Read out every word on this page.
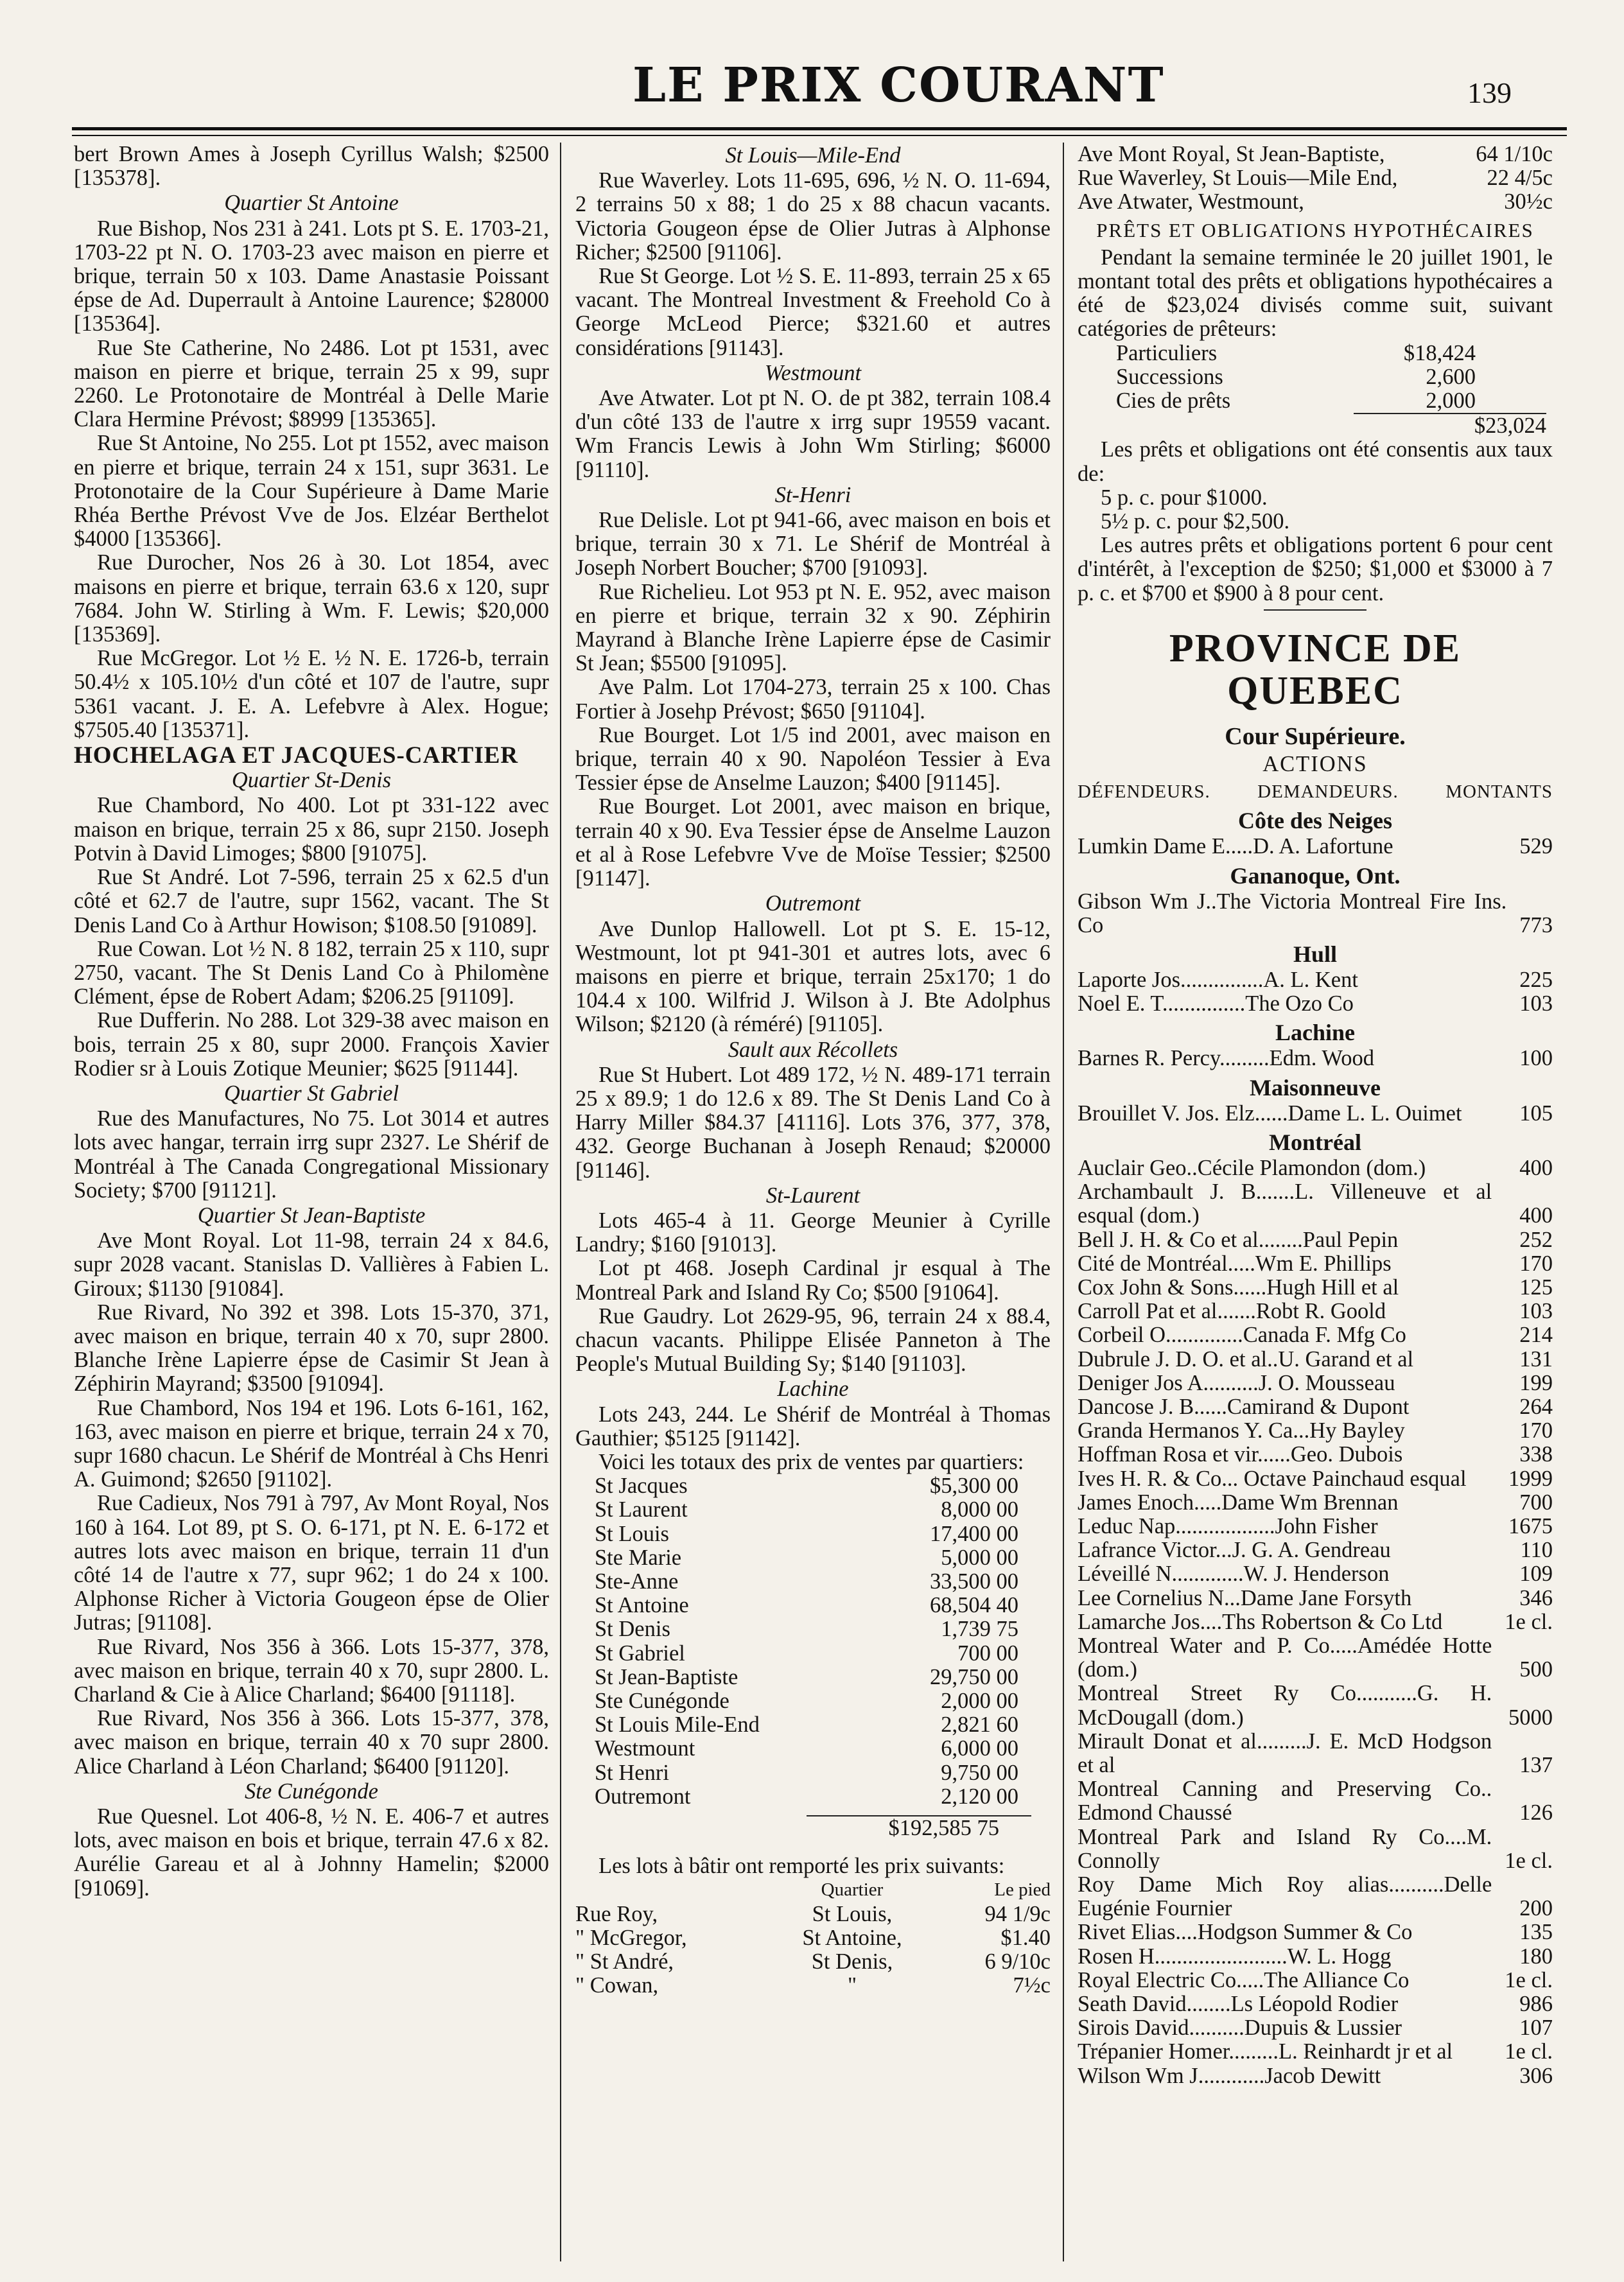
LE PRIX COURANT	139

bert Brown Ames à Joseph Cyrillus Walsh; $2500 [135378].

Quartier St Antoine

Rue Bishop, Nos 231 à 241. Lots pt S. E. 1703-21, 1703-22 pt N. O. 1703-23 avec maison en pierre et brique, terrain 50 x 103. Dame Anastasie Poissant épse de Ad. Duperrault à Antoine Laurence; $28000 [135364].

Rue Ste Catherine, No 2486. Lot pt 1531, avec maison en pierre et brique, terrain 25 x 99, supr 2260. Le Protonotaire de Montréal à Delle Marie Clara Hermine Prévost; $8999 [135365].

Rue St Antoine, No 255. Lot pt 1552, avec maison en pierre et brique, terrain 24 x 151, supr 3631. Le Protonotaire de la Cour Supérieure à Dame Marie Rhéa Berthe Prévost Vve de Jos. Elzéar Berthelot $4000 [135366].

Rue Durocher, Nos 26 à 30. Lot 1854, avec maisons en pierre et brique, terrain 63.6 x 120, supr 7684. John W. Stirling à Wm. F. Lewis; $20,000 [135369].

Rue McGregor. Lot ½ E. ½ N. E. 1726-b, terrain 50.4½ x 105.10½ d'un côté et 107 de l'autre, supr 5361 vacant. J. E. A. Lefebvre à Alex. Hogue; $7505.40 [135371].

HOCHELAGA ET JACQUES-CARTIER

Quartier St-Denis

Rue Chambord, No 400. Lot pt 331-122 avec maison en brique, terrain 25 x 86, supr 2150. Joseph Potvin à David Limoges; $800 [91075].

Rue St André. Lot 7-596, terrain 25 x 62.5 d'un côté et 62.7 de l'autre, supr 1562, vacant. The St Denis Land Co à Arthur Howison; $108.50 [91089].

Rue Cowan. Lot ½ N. 8 182, terrain 25 x 110, supr 2750, vacant. The St Denis Land Co à Philomène Clément, épse de Robert Adam; $206.25 [91109].

Rue Dufferin. No 288. Lot 329-38 avec maison en bois, terrain 25 x 80, supr 2000. François Xavier Rodier sr à Louis Zotique Meunier; $625 [91144].

Quartier St Gabriel

Rue des Manufactures, No 75. Lot 3014 et autres lots avec hangar, terrain irrg supr 2327. Le Shérif de Montréal à The Canada Congregational Missionary Society; $700 [91121].

Quartier St Jean-Baptiste

Ave Mont Royal. Lot 11-98, terrain 24 x 84.6, supr 2028 vacant. Stanislas D. Vallières à Fabien L. Giroux; $1130 [91084].

Rue Rivard, No 392 et 398. Lots 15-370, 371, avec maison en brique, terrain 40 x 70, supr 2800. Blanche Irène Lapierre épse de Casimir St Jean à Zéphirin Mayrand; $3500 [91094].

Rue Chambord, Nos 194 et 196. Lots 6-161, 162, 163, avec maison en pierre et brique, terrain 24 x 70, supr 1680 chacun. Le Shérif de Montréal à Chs Henri A. Guimond; $2650 [91102].

Rue Cadieux, Nos 791 à 797, Av Mont Royal, Nos 160 à 164. Lot 89, pt S. O. 6-171, pt N. E. 6-172 et autres lots avec maison en brique, terrain 11 d'un côté 14 de l'autre x 77, supr 962; 1 do 24 x 100. Alphonse Richer à Victoria Gougeon épse de Olier Jutras; [91108].

Rue Rivard, Nos 356 à 366. Lots 15-377, 378, avec maison en brique, terrain 40 x 70, supr 2800. L. Charland & Cie à Alice Charland; $6400 [91118].

Rue Rivard, Nos 356 à 366. Lots 15-377, 378, avec maison en brique, terrain 40 x 70 supr 2800. Alice Charland à Léon Charland; $6400 [91120].

Ste Cunégonde

Rue Quesnel. Lot 406-8, ½ N. E. 406-7 et autres lots, avec maison en bois et brique, terrain 47.6 x 82. Aurélie Gareau et al à Johnny Hamelin; $2000 [91069].

St Louis—Mile-End

Rue Waverley. Lots 11-695, 696, ½ N. O. 11-694, 2 terrains 50 x 88; 1 do 25 x 88 chacun vacants. Victoria Gougeon épse de Olier Jutras à Alphonse Richer; $2500 [91106].

Rue St George. Lot ½ S. E. 11-893, terrain 25 x 65 vacant. The Montreal Investment & Freehold Co à George McLeod Pierce; $321.60 et autres considérations [91143].

Westmount

Ave Atwater. Lot pt N. O. de pt 382, terrain 108.4 d'un côté 133 de l'autre x irrg supr 19559 vacant. Wm Francis Lewis à John Wm Stirling; $6000 [91110].

St-Henri

Rue Delisle. Lot pt 941-66, avec maison en bois et brique, terrain 30 x 71. Le Shérif de Montréal à Joseph Norbert Boucher; $700 [91093].

Rue Richelieu. Lot 953 pt N. E. 952, avec maison en pierre et brique, terrain 32 x 90. Zéphirin Mayrand à Blanche Irène Lapierre épse de Casimir St Jean; $5500 [91095].

Ave Palm. Lot 1704-273, terrain 25 x 100. Chas Fortier à Josehp Prévost; $650 [91104].

Rue Bourget. Lot 1/5 ind 2001, avec maison en brique, terrain 40 x 90. Napoléon Tessier à Eva Tessier épse de Anselme Lauzon; $400 [91145].

Rue Bourget. Lot 2001, avec maison en brique, terrain 40 x 90. Eva Tessier épse de Anselme Lauzon et al à Rose Lefebvre Vve de Moïse Tessier; $2500 [91147].

Outremont

Ave Dunlop Hallowell. Lot pt S. E. 15-12, Westmount, lot pt 941-301 et autres lots, avec 6 maisons en pierre et brique, terrain 25x170; 1 do 104.4 x 100. Wilfrid J. Wilson à J. Bte Adolphus Wilson; $2120 (à réméré) [91105].

Sault aux Récollets

Rue St Hubert. Lot 489 172, ½ N. 489-171 terrain 25 x 89.9; 1 do 12.6 x 89. The St Denis Land Co à Harry Miller $84.37 [41116]. Lots 376, 377, 378, 432. George Buchanan à Joseph Renaud; $20000 [91146].

St-Laurent

Lots 465-4 à 11. George Meunier à Cyrille Landry; $160 [91013].

Lot pt 468. Joseph Cardinal jr esqual à The Montreal Park and Island Ry Co; $500 [91064].

Rue Gaudry. Lot 2629-95, 96, terrain 24 x 88.4, chacun vacants. Philippe Elisée Panneton à The People's Mutual Building Sy; $140 [91103].

Lachine

Lots 243, 244. Le Shérif de Montréal à Thomas Gauthier; $5125 [91142].

Voici les totaux des prix de ventes par quartiers:

St Jacques	$5,300 00
St Laurent	8,000 00
St Louis	17,400 00
Ste Marie	5,000 00
Ste-Anne	33,500 00
St Antoine	68,504 40
St Denis	1,739 75
St Gabriel	700 00
St Jean-Baptiste	29,750 00
Ste Cunégonde	2,000 00
St Louis Mile-End	2,821 60
Westmount	6,000 00
St Henri	9,750 00
Outremont	2,120 00
$192,585 75

Les lots à bâtir ont remporté les prix suivants:

	Quartier	Le pied
Rue Roy,	St Louis,	94 1/9c
" McGregor,	St Antoine,	$1.40
" St André,	St Denis,	6 9/10c
" Cowan,	"	7½c
Ave Mont Royal, St Jean-Baptiste,	64 1/10c
Rue Waverley, St Louis—Mile End,	22 4/5c
Ave Atwater, Westmount,	30½c
PRÊTS ET OBLIGATIONS HYPOTHÉCAIRES

Pendant la semaine terminée le 20 juillet 1901, le montant total des prêts et obligations hypothécaires a été de $23,024 divisés comme suit, suivant catégories de prêteurs:

Particuliers	$18,424
Successions	2,600
Cies de prêts	2,000
$23,024

Les prêts et obligations ont été consentis aux taux de:

5 p. c. pour $1000.

5½ p. c. pour $2,500.

Les autres prêts et obligations portent 6 pour cent d'intérêt, à l'exception de $250; $1,000 et $3000 à 7 p. c. et $700 et $900 à 8 pour cent.

PROVINCE DE QUEBEC
Cour Supérieure.
ACTIONS
DÉFENDEURS.	DEMANDEURS.	MONTANTS
Côte des Neiges
Lumkin Dame E.....D. A. Lafortune	529
Gananoque, Ont.
Gibson Wm J..The Victoria Montreal Fire Ins. Co	773
Hull
Laporte Jos...............A. L. Kent	225
Noel E. T...............The Ozo Co	103
Lachine
Barnes R. Percy.........Edm. Wood	100
Maisonneuve
Brouillet V. Jos. Elz......Dame L. L. Ouimet	105
Montréal
Auclair Geo..Cécile Plamondon (dom.)	400
Archambault J. B.......L. Villeneuve et al esqual (dom.)	400
Bell J. H. & Co et al........Paul Pepin	252
Cité de Montréal.....Wm E. Phillips	170
Cox John & Sons......Hugh Hill et al	125
Carroll Pat et al.......Robt R. Goold	103
Corbeil O..............Canada F. Mfg Co	214
Dubrule J. D. O. et al..U. Garand et al	131
Deniger Jos A..........J. O. Mousseau	199
Dancose J. B......Camirand & Dupont	264
Granda Hermanos Y. Ca...Hy Bayley	170
Hoffman Rosa et vir......Geo. Dubois	338
Ives H. R. & Co... Octave Painchaud esqual	1999
James Enoch.....Dame Wm Brennan	700
Leduc Nap..................John Fisher	1675
Lafrance Victor...J. G. A. Gendreau	110
Léveillé N.............W. J. Henderson	109
Lee Cornelius N...Dame Jane Forsyth	346
Lamarche Jos....Ths Robertson & Co Ltd	1e cl.
Montreal Water and P. Co.....Amédée Hotte (dom.)	500
Montreal Street Ry Co...........G. H. McDougall (dom.)	5000
Mirault Donat et al.........J. E. McD Hodgson et al	137
Montreal Canning and Preserving Co.. Edmond Chaussé	126
Montreal Park and Island Ry Co....M. Connolly	1e cl.
Roy Dame Mich Roy alias..........Delle Eugénie Fournier	200
Rivet Elias....Hodgson Summer & Co	135
Rosen H........................W. L. Hogg	180
Royal Electric Co.....The Alliance Co	1e cl.
Seath David........Ls Léopold Rodier	986
Sirois David..........Dupuis & Lussier	107
Trépanier Homer.........L. Reinhardt jr et al	1e cl.
Wilson Wm J............Jacob Dewitt	306
